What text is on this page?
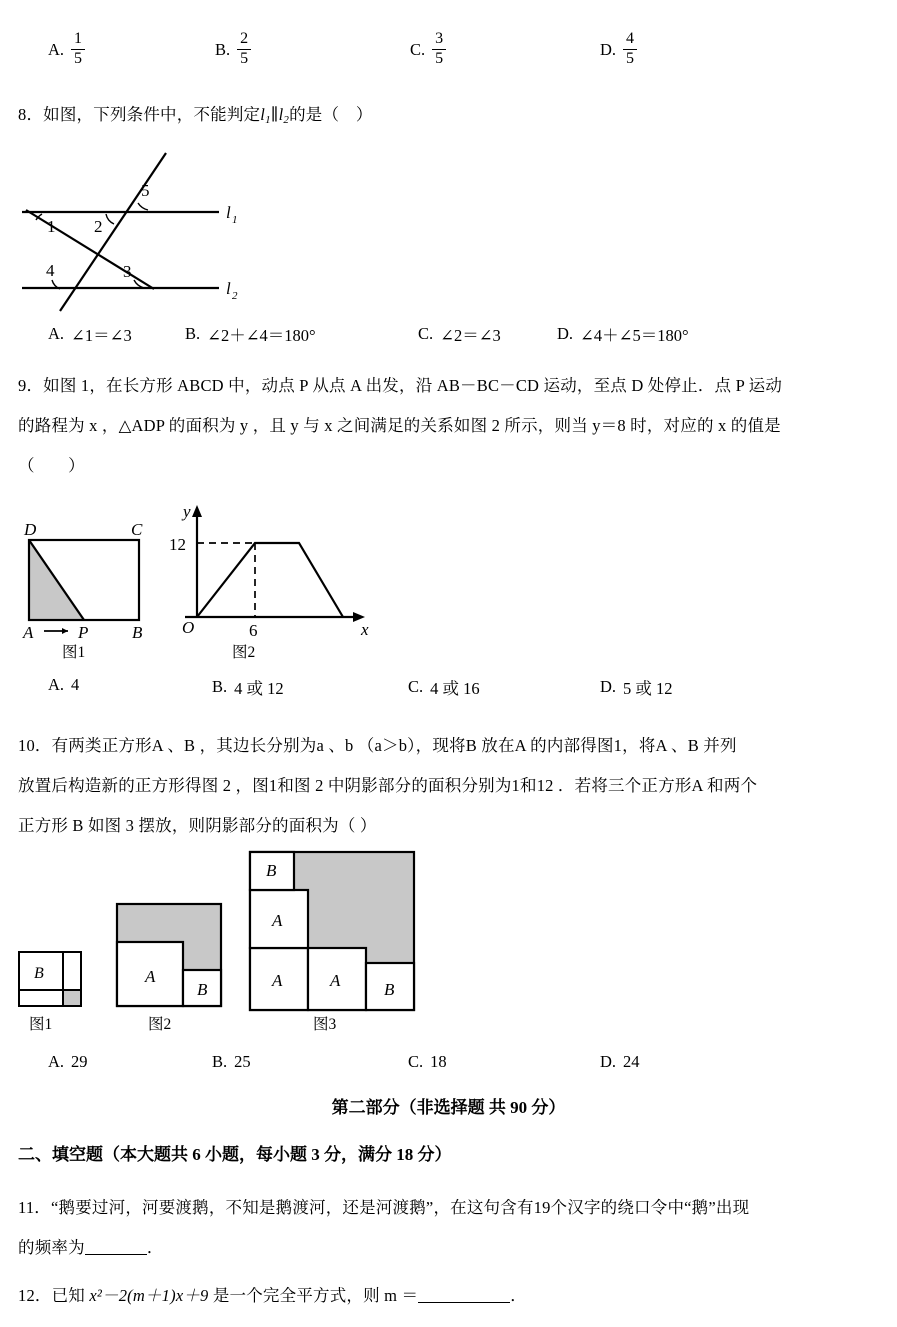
A. $\frac{1}{5}$	B. $\frac{2}{5}$	C. $\frac{3}{5}$	D. $\frac{4}{5}$
8．如图，下列条件中，不能判定$l_1\parallel l_2$的是（　）
1 2
3
4
5
l 1
l 2
A. ∠1＝∠3	B. ∠2＋∠4＝180°	C. ∠2＝∠3	D. ∠4＋∠5＝180°
9．如图 1，在长方形 ABCD 中，动点 P 从点 A 出发，沿 AB－BC－CD 运动，至点 D 处停止．点 P 运动
的路程为 x ，△ADP 的面积为 y ，且 y 与 x 之间满足的关系如图 2 所示，则当 y＝8 时，对应的 x 的值是
（　　）
D	C
A	P	B
图1
12
6
O
y
x
图2
A. 4	B. 4 或 12	C. 4 或 16	D. 5 或 12
10．有两类正方形A 、B ，其边长分别为a 、b （a＞b），现将B 放在A 的内部得图1，将A 、B 并列
放置后构造新的正方形得图 2 ，图1和图 2 中阴影部分的面积分别为1和12 ．若将三个正方形A 和两个
正方形 B 如图 3 摆放，则阴影部分的面积为（ ）
B
图1
A
B
图2
B
A
A	A	B
图3
A. 29	B. 25	C. 18	D. 24
第二部分（非选择题 共 90 分）
二、填空题（本大题共 6 小题，每小题 3 分，满分 18 分）
11．“鹅要过河，河要渡鹅，不知是鹅渡河，还是河渡鹅”，在这句含有19个汉字的绕口令中“鹅”出现
的频率为	．
12．已知 x²－2(m＋1)x＋9 是一个完全平方式，则 m ＝	．
